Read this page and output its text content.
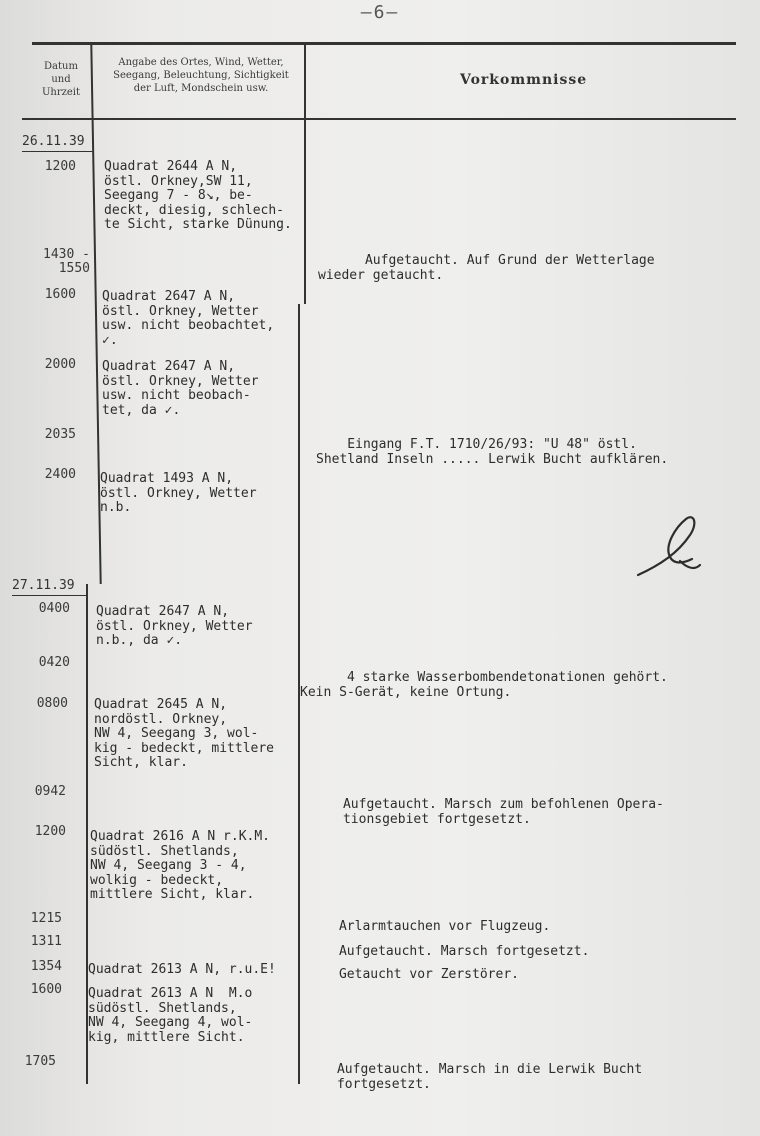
—6—
Datum
und
Uhrzeit
Angabe des Ortes, Wind, Wetter,
Seegang, Beleuchtung, Sichtigkeit
der Luft, Mondschein usw.
Vorkommnisse
26.11.39
27.11.39
1200 Quadrat 2644 A N,
östl. Orkney,SW 11,
Seegang 7 - 8↘, be-
deckt, diesig, schlech-
te Sicht, starke Dünung.
1430 -
1550
Aufgetaucht. Auf Grund der Wetterlage
wieder getaucht.
1600 Quadrat 2647 A N,
östl. Orkney, Wetter
usw. nicht beobachtet,
✓.
2000 Quadrat 2647 A N,
östl. Orkney, Wetter
usw. nicht beobach-
tet, da ✓.
2035
Eingang F.T. 1710/26/93: "U 48" östl.
Shetland Inseln ..... Lerwik Bucht aufklären.
2400 Quadrat 1493 A N,
östl. Orkney, Wetter
n.b.
0400 Quadrat 2647 A N,
östl. Orkney, Wetter
n.b., da ✓.
0420
4 starke Wasserbombendetonationen gehört.
Kein S-Gerät, keine Ortung.
0800 Quadrat 2645 A N,
nordöstl. Orkney,
NW 4, Seegang 3, wol-
kig - bedeckt, mittlere
Sicht, klar.
0942
Aufgetaucht. Marsch zum befohlenen Opera-
tionsgebiet fortgesetzt.
1200 Quadrat 2616 A N r.K.M.
südöstl. Shetlands,
NW 4, Seegang 3 - 4,
wolkig - bedeckt,
mittlere Sicht, klar.
1215
Arlarmtauchen vor Flugzeug.
1311
Aufgetaucht. Marsch fortgesetzt.
1354 Quadrat 2613 A N, r.u.E! Getaucht vor Zerstörer.
1600 Quadrat 2613 A N  M.o
südöstl. Shetlands,
NW 4, Seegang 4, wol-
kig, mittlere Sicht.
1705
Aufgetaucht. Marsch in die Lerwik Bucht
fortgesetzt.
